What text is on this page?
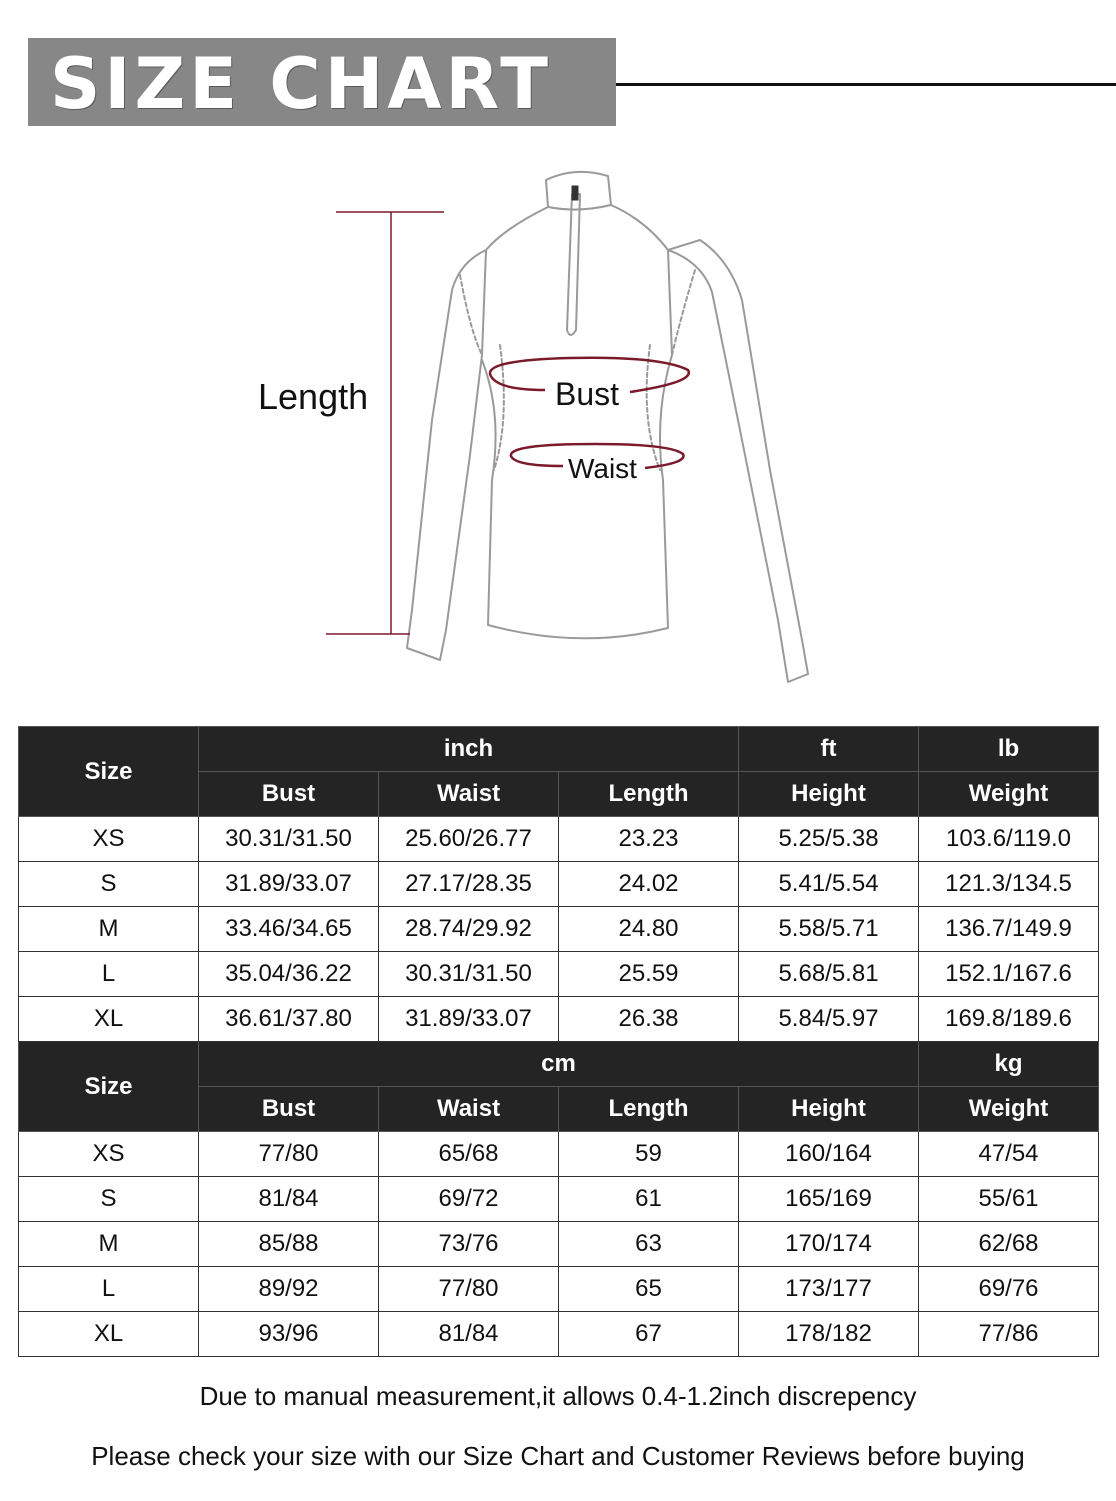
SIZE CHART
Length	Bust
Waist
Size	inch			ft	lb
	Bust	Waist	Length	Height	Weight
XS	30.31/31.50	25.60/26.77	23.23	5.25/5.38	103.6/119.0
S	31.89/33.07	27.17/28.35	24.02	5.41/5.54	121.3/134.5
M	33.46/34.65	28.74/29.92	24.80	5.58/5.71	136.7/149.9
L	35.04/36.22	30.31/31.50	25.59	5.68/5.81	152.1/167.6
XL	36.61/37.80	31.89/33.07	26.38	5.84/5.97	169.8/189.6
Size	cm				kg
	Bust	Waist	Length	Height	Weight
XS	77/80	65/68	59	160/164	47/54
S	81/84	69/72	61	165/169	55/61
M	85/88	73/76	63	170/174	62/68
L	89/92	77/80	65	173/177	69/76
XL	93/96	81/84	67	178/182	77/86
Due to manual measurement,it allows 0.4-1.2inch discrepency
Please check your size with our Size Chart and Customer Reviews before buying
